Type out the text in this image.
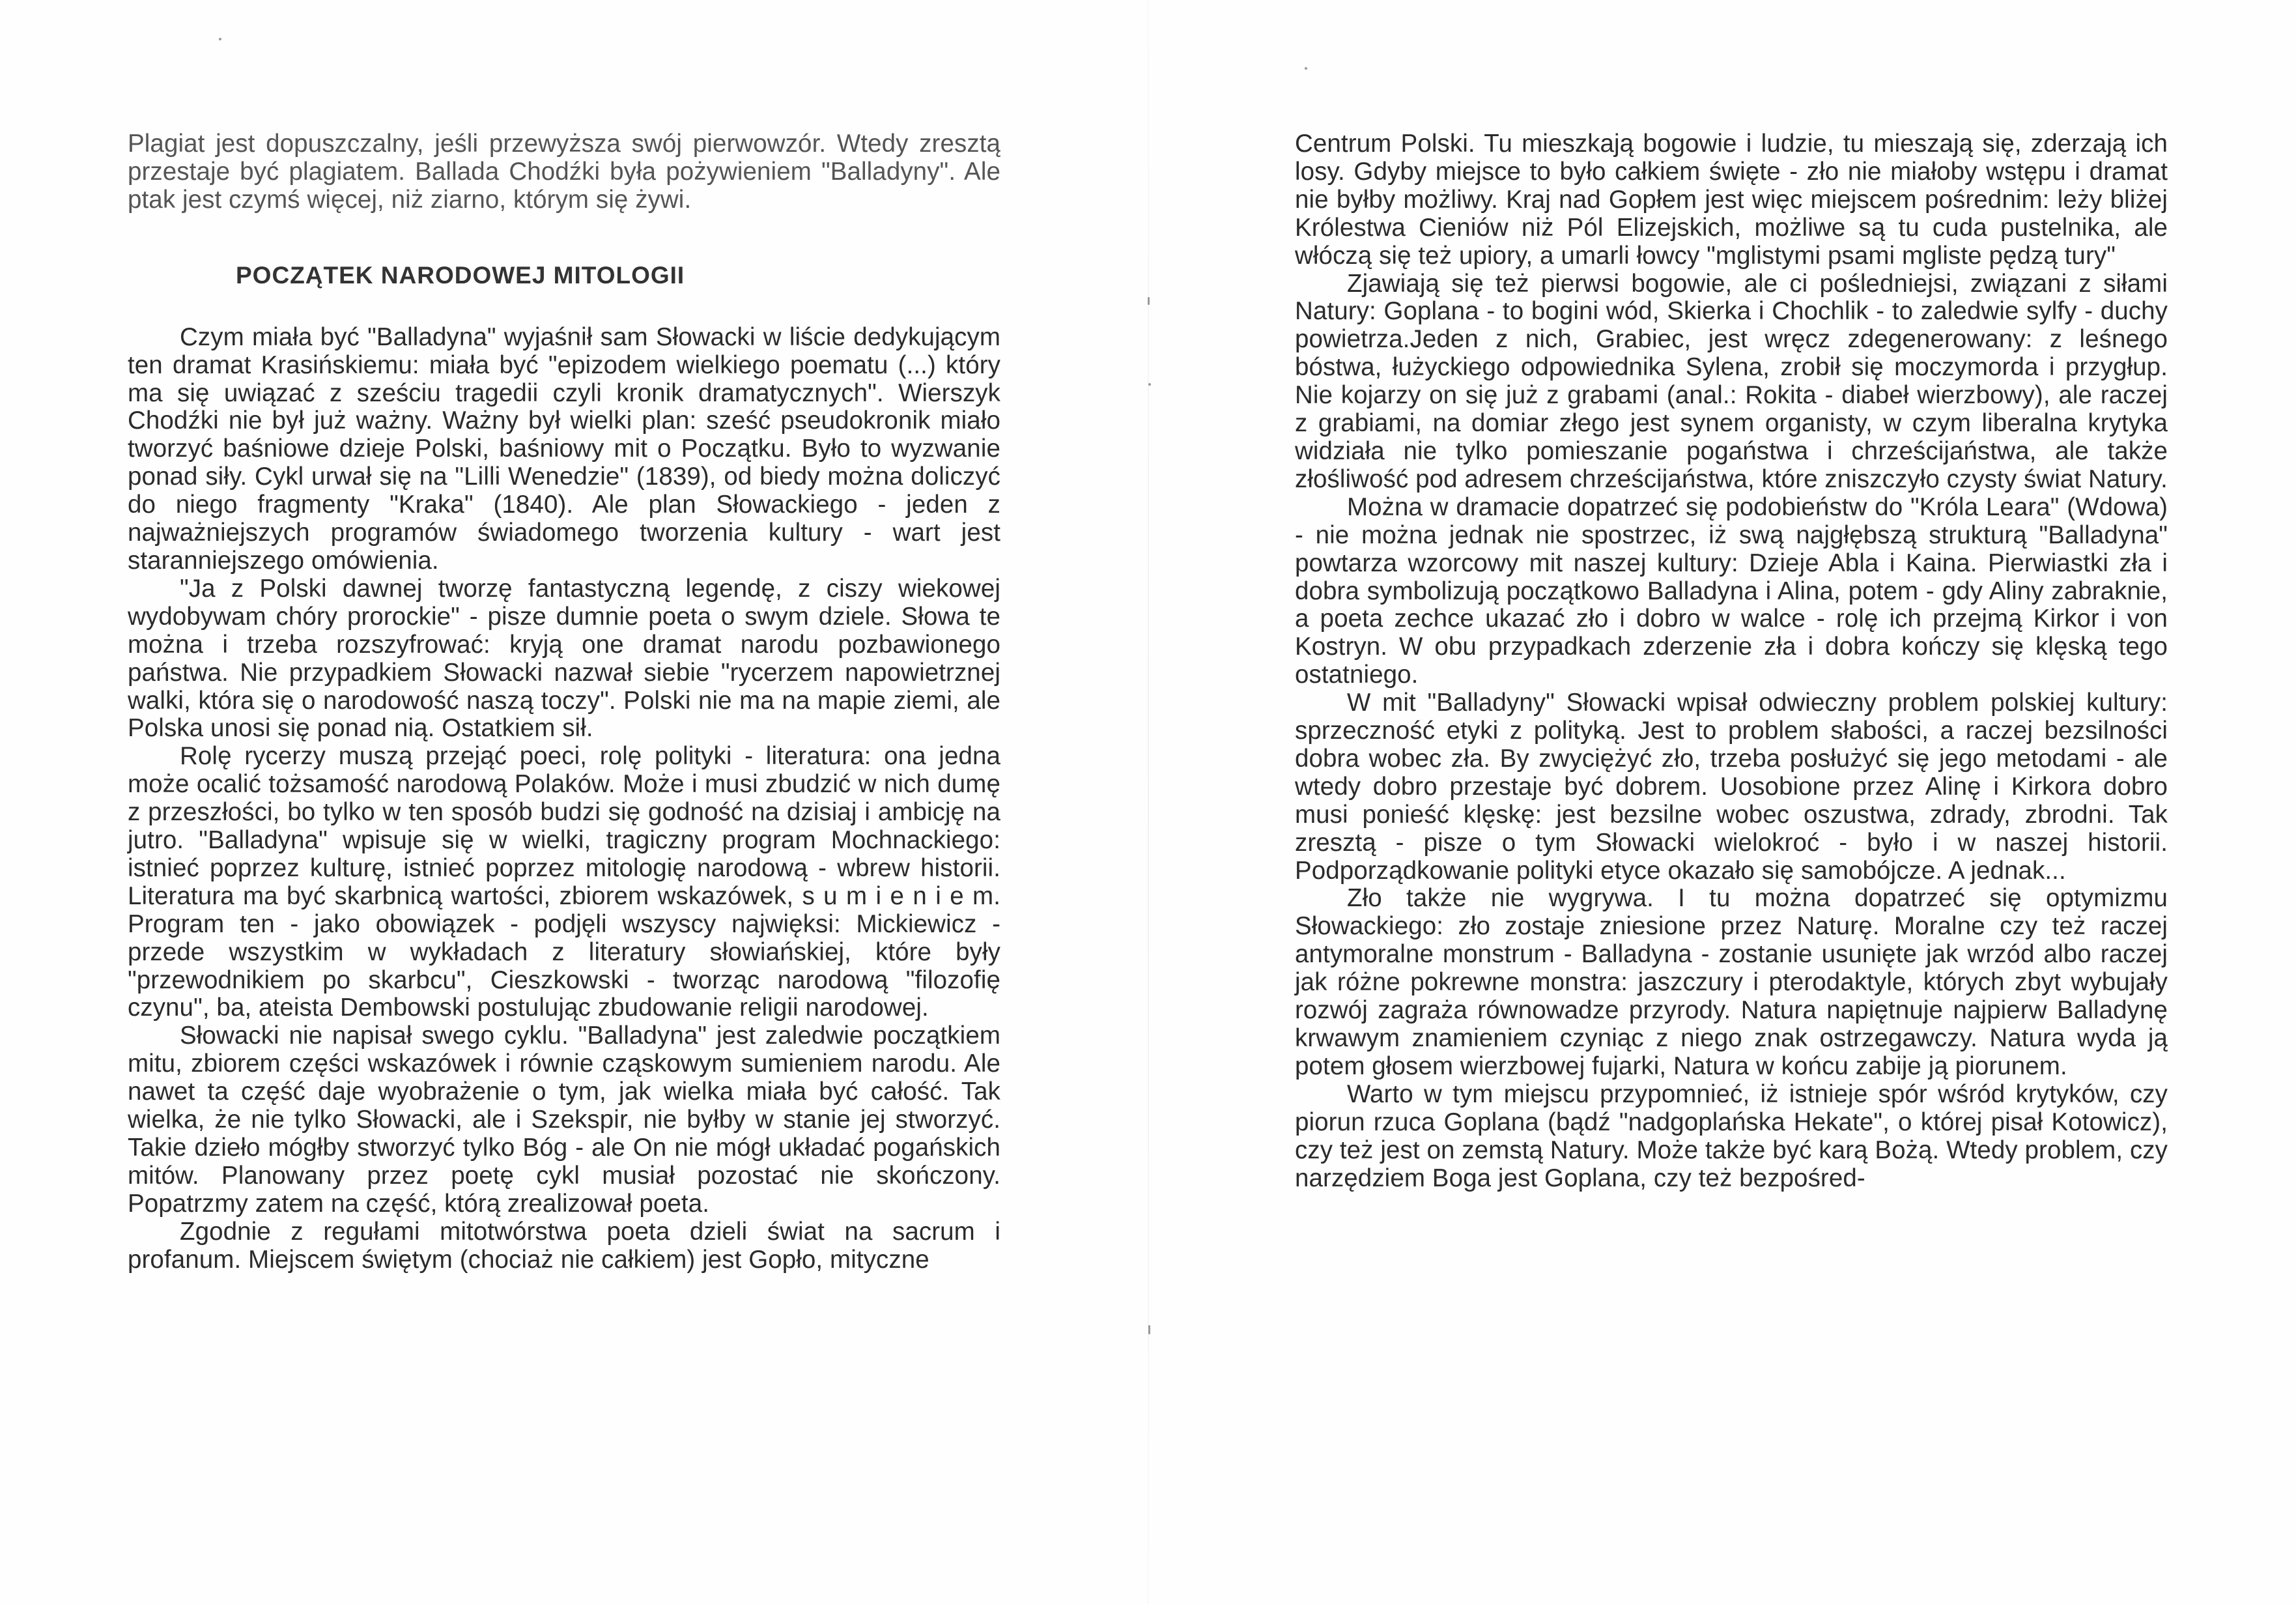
Plagiat jest dopuszczalny, jeśli przewyższa swój pierwowzór. Wtedy zresztą przestaje być plagiatem. Ballada Chodźki była pożywieniem "Balladyny". Ale ptak jest czymś więcej, niż ziarno, którym się żywi.

POCZĄTEK NARODOWEJ MITOLOGII

Czym miała być "Balladyna" wyjaśnił sam Słowacki w liście dedykującym ten dramat Krasińskiemu: miała być "epizodem wielkiego poematu (...) który ma się uwiązać z sześciu tragedii czyli kronik dramatycznych". Wierszyk Chodźki nie był już ważny. Ważny był wielki plan: sześć pseudokronik miało tworzyć baśniowe dzieje Polski, baśniowy mit o Początku. Było to wyzwanie ponad siły. Cykl urwał się na "Lilli Wenedzie" (1839), od biedy można doliczyć do niego fragmenty "Kraka" (1840). Ale plan Słowackiego - jeden z najważniejszych programów świadomego tworzenia kultury - wart jest staranniejszego omówienia.

"Ja z Polski dawnej tworzę fantastyczną legendę, z ciszy wiekowej wydobywam chóry prorockie" - pisze dumnie poeta o swym dziele. Słowa te można i trzeba rozszyfrować: kryją one dramat narodu pozbawionego państwa. Nie przypadkiem Słowacki nazwał siebie "rycerzem napowietrznej walki, która się o narodowość naszą toczy". Polski nie ma na mapie ziemi, ale Polska unosi się ponad nią. Ostatkiem sił.

Rolę rycerzy muszą przejąć poeci, rolę polityki - literatura: ona jedna może ocalić tożsamość narodową Polaków. Może i musi zbudzić w nich dumę z przeszłości, bo tylko w ten sposób budzi się godność na dzisiaj i ambicję na jutro. "Balladyna" wpisuje się w wielki, tragiczny program Mochnackiego: istnieć poprzez kulturę, istnieć poprzez mitologię narodową - wbrew historii. Literatura ma być skarbnicą wartości, zbiorem wskazówek, s u m i e n i e m. Program ten - jako obowiązek - podjęli wszyscy najwięksi: Mickiewicz - przede wszystkim w wykładach z literatury słowiańskiej, które były "przewodnikiem po skarbcu", Cieszkowski - tworząc narodową "filozofię czynu", ba, ateista Dembowski postulując zbudowanie religii narodowej.

Słowacki nie napisał swego cyklu. "Balladyna" jest zaledwie początkiem mitu, zbiorem części wskazówek i równie cząskowym sumieniem narodu. Ale nawet ta część daje wyobrażenie o tym, jak wielka miała być całość. Tak wielka, że nie tylko Słowacki, ale i Szekspir, nie byłby w stanie jej stworzyć. Takie dzieło mógłby stworzyć tylko Bóg - ale On nie mógł układać pogańskich mitów. Planowany przez poetę cykl musiał pozostać nie skończony. Popatrzmy zatem na część, którą zrealizował poeta.

Zgodnie z regułami mitotwórstwa poeta dzieli świat na sacrum i profanum. Miejscem świętym (chociaż nie całkiem) jest Gopło, mityczne

Centrum Polski. Tu mieszkają bogowie i ludzie, tu mieszają się, zderzają ich losy. Gdyby miejsce to było całkiem święte - zło nie miałoby wstępu i dramat nie byłby możliwy. Kraj nad Gopłem jest więc miejscem pośrednim: leży bliżej Królestwa Cieniów niż Pól Elizejskich, możliwe są tu cuda pustelnika, ale włóczą się też upiory, a umarli łowcy "mglistymi psami mgliste pędzą tury"

Zjawiają się też pierwsi bogowie, ale ci pośledniejsi, związani z siłami Natury: Goplana - to bogini wód, Skierka i Chochlik - to zaledwie sylfy - duchy powietrza.Jeden z nich, Grabiec, jest wręcz zdegenerowany: z leśnego bóstwa, łużyckiego odpowiednika Sylena, zrobił się moczymorda i przygłup. Nie kojarzy on się już z grabami (anal.: Rokita - diabeł wierzbowy), ale raczej z grabiami, na domiar złego jest synem organisty, w czym liberalna krytyka widziała nie tylko pomieszanie pogaństwa i chrześcijaństwa, ale także złośliwość pod adresem chrześcijaństwa, które zniszczyło czysty świat Natury.

Można w dramacie dopatrzeć się podobieństw do "Króla Leara" (Wdowa) - nie można jednak nie spostrzec, iż swą najgłębszą strukturą "Balladyna" powtarza wzorcowy mit naszej kultury: Dzieje Abla i Kaina. Pierwiastki zła i dobra symbolizują początkowo Balladyna i Alina, potem - gdy Aliny zabraknie, a poeta zechce ukazać zło i dobro w walce - rolę ich przejmą Kirkor i von Kostryn. W obu przypadkach zderzenie zła i dobra kończy się klęską tego ostatniego.

W mit "Balladyny" Słowacki wpisał odwieczny problem polskiej kultury: sprzeczność etyki z polityką. Jest to problem słabości, a raczej bezsilności dobra wobec zła. By zwyciężyć zło, trzeba posłużyć się jego metodami - ale wtedy dobro przestaje być dobrem. Uosobione przez Alinę i Kirkora dobro musi ponieść klęskę: jest bezsilne wobec oszustwa, zdrady, zbrodni. Tak zresztą - pisze o tym Słowacki wielokroć - było i w naszej historii. Podporządkowanie polityki etyce okazało się samobójcze. A jednak...

Zło także nie wygrywa. I tu można dopatrzeć się optymizmu Słowackiego: zło zostaje zniesione przez Naturę. Moralne czy też raczej antymoralne monstrum - Balladyna - zostanie usunięte jak wrzód albo raczej jak różne pokrewne monstra: jaszczury i pterodaktyle, których zbyt wybujały rozwój zagraża równowadze przyrody. Natura napiętnuje najpierw Balladynę krwawym znamieniem czyniąc z niego znak ostrzegawczy. Natura wyda ją potem głosem wierzbowej fujarki, Natura w końcu zabije ją piorunem.

Warto w tym miejscu przypomnieć, iż istnieje spór wśród krytyków, czy piorun rzuca Goplana (bądź "nadgoplańska Hekate", o której pisał Kotowicz), czy też jest on zemstą Natury. Może także być karą Bożą. Wtedy problem, czy narzędziem Boga jest Goplana, czy też bezpośred-
